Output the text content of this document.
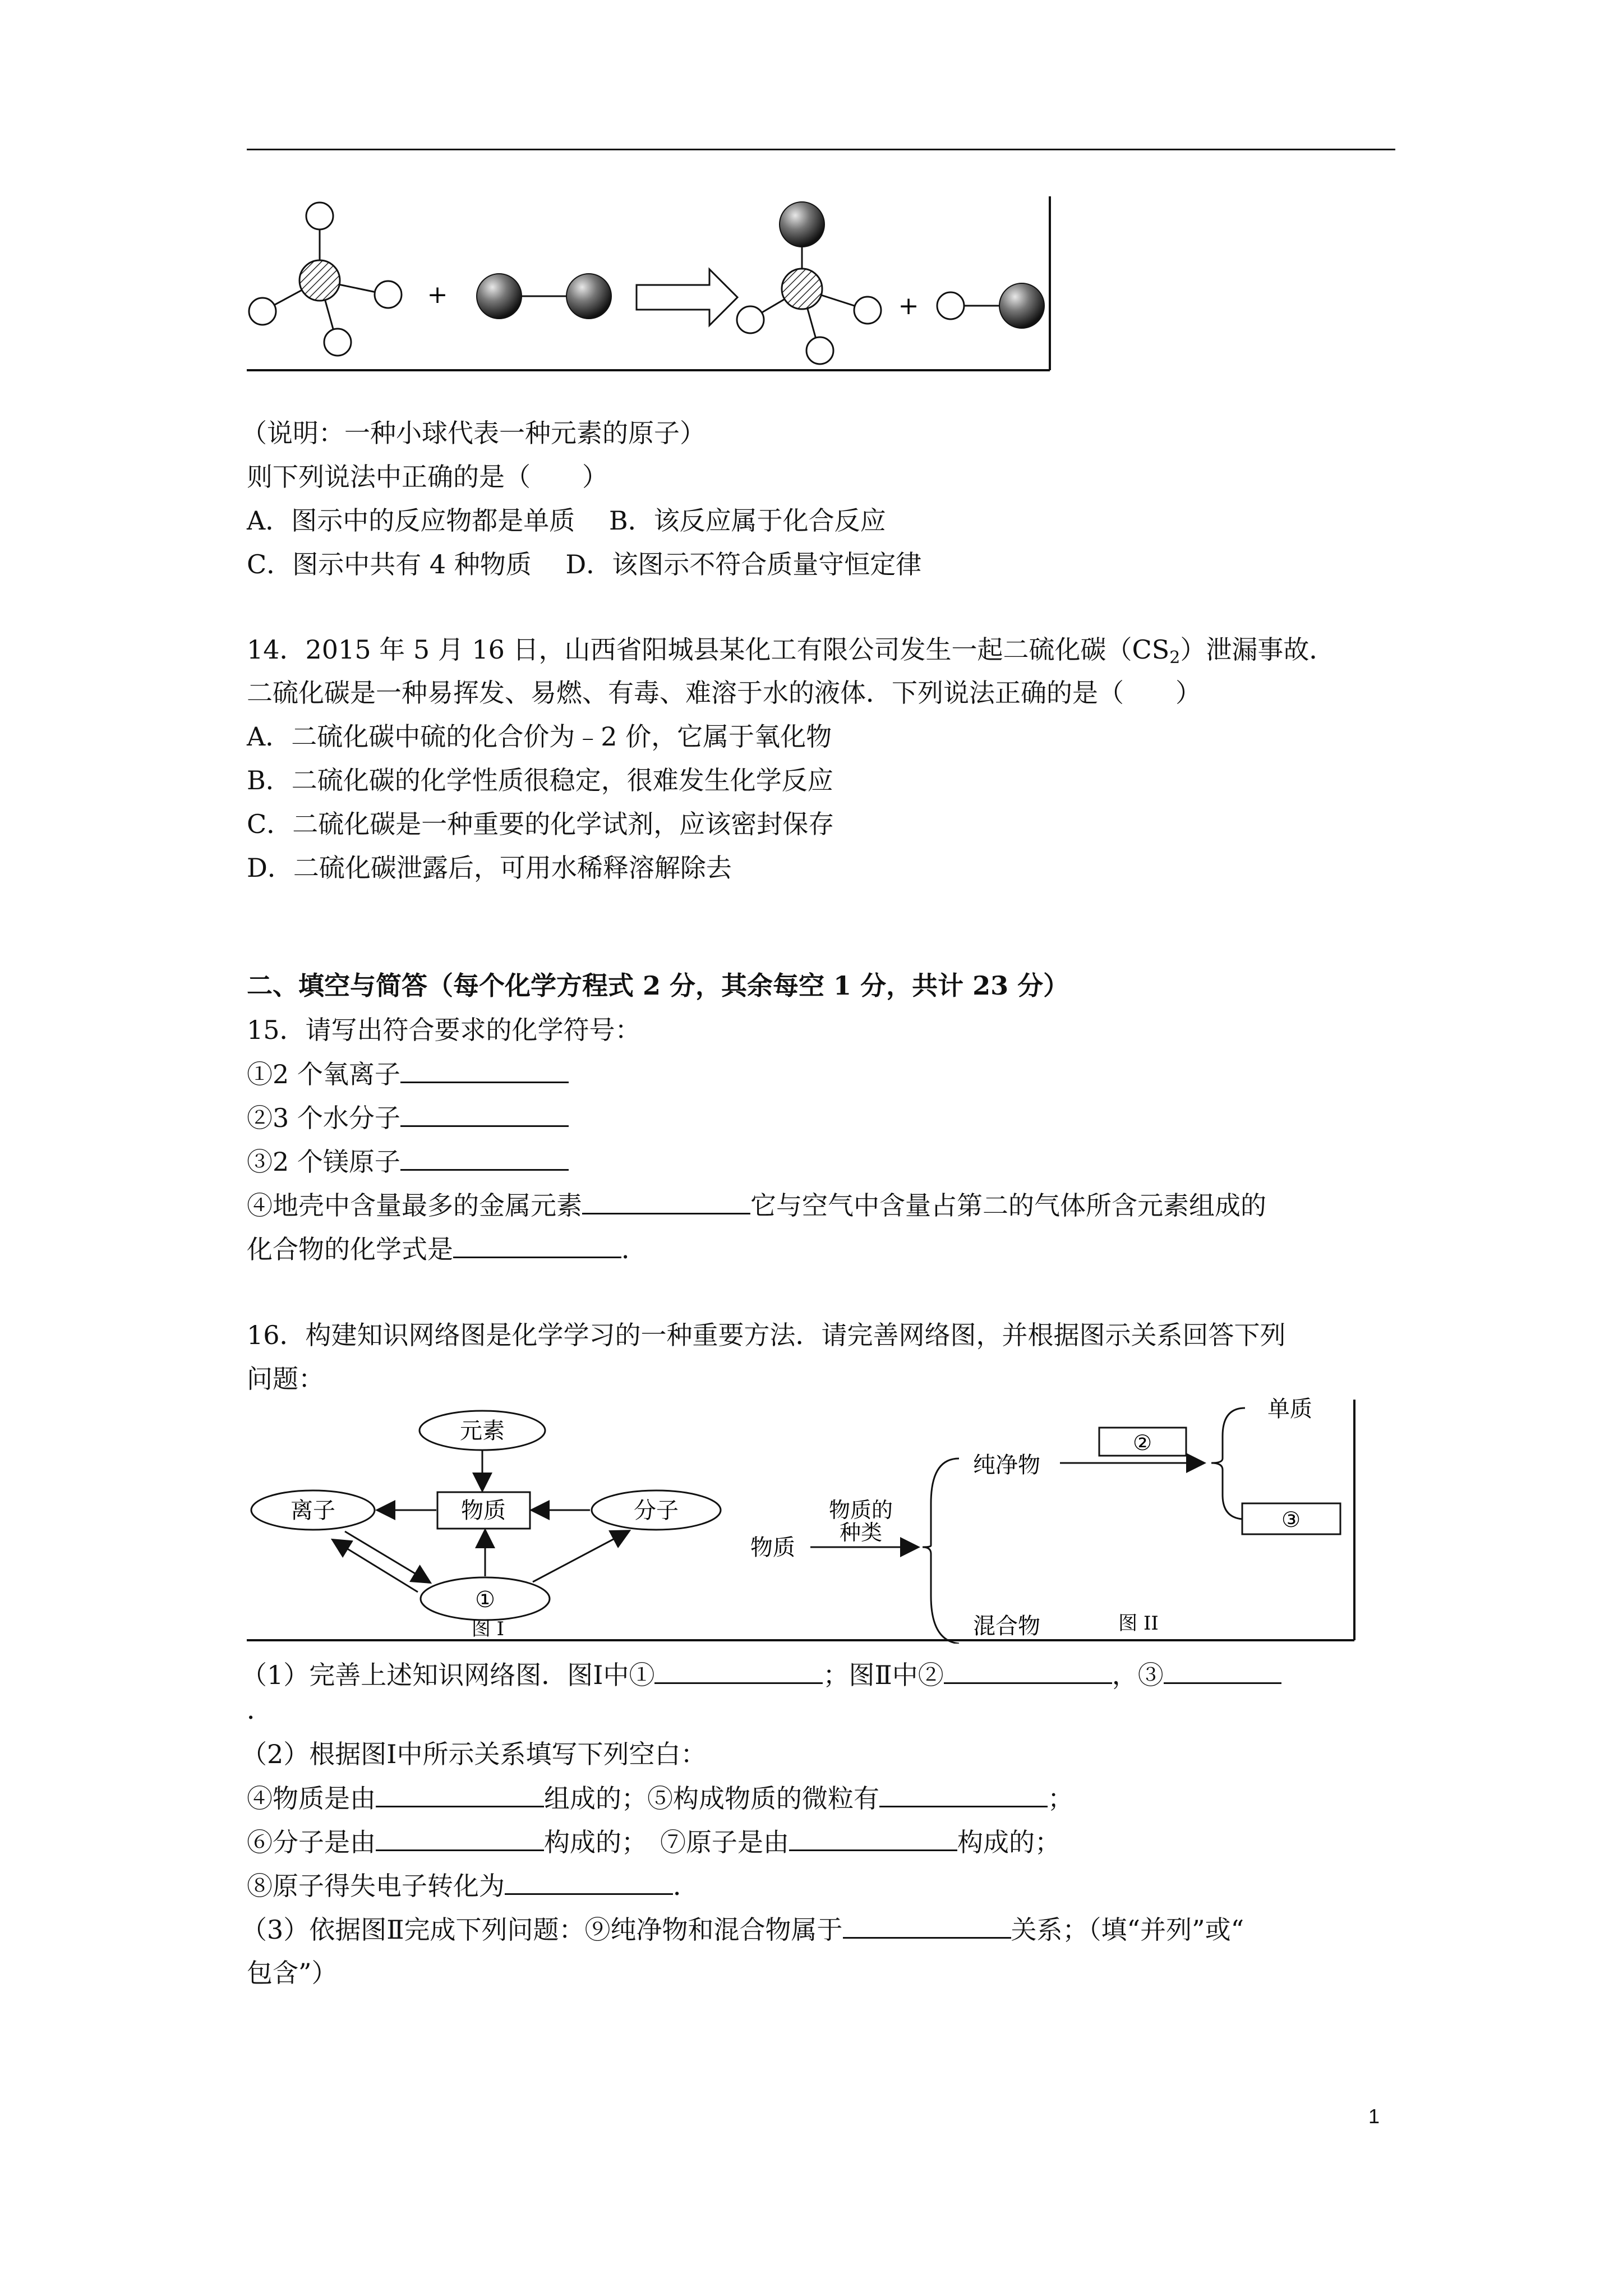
+	+
（说明：一种小球代表一种元素的原子）
则下列说法中正确的是（　　）
A．图示中的反应物都是单质　 B．该反应属于化合反应
C．图示中共有 4 种物质　 D．该图示不符合质量守恒定律
14．2015 年 5 月 16 日，山西省阳城县某化工有限公司发生一起二硫化碳$(CS_2)$泄漏事故．
二硫化碳是一种易挥发、易燃、有毒、难溶于水的液体．下列说法正确的是（　　）
A．二硫化碳中硫的化合价为﹣2 价，它属于氧化物
B．二硫化碳的化学性质很稳定，很难发生化学反应
C．二硫化碳是一种重要的化学试剂，应该密封保存
D．二硫化碳泄露后，可用水稀释溶解除去
二、填空与简答（每个化学方程式 2 分，其余每空 1 分，共计 23 分）
15．请写出符合要求的化学符号：
①2 个氧离子
②3 个水分子
③2 个镁原子
④地壳中含量最多的金属元素	它与空气中含量占第二的气体所含元素组成的
化合物的化学式是	．
16．构建知识网络图是化学学习的一种重要方法．请完善网络图，并根据图示关系回答下列
问题：
元素
物质
离子	分子
①
图 I
物质
物质的
种类
纯净物
混合物
②
单质
③
图 II
（1）完善上述知识网络图．图Ⅰ中①	；图Ⅱ中②	，③
．
（2）根据图Ⅰ中所示关系填写下列空白：
④物质是由	组成的；⑤构成物质的微粒有	；
⑥分子是由	构成的；　⑦原子是由	构成的；
⑧原子得失电子转化为	．
（3）依据图Ⅱ完成下列问题：⑨纯净物和混合物属于	关系；（填“并列”或“
包含”）
1
